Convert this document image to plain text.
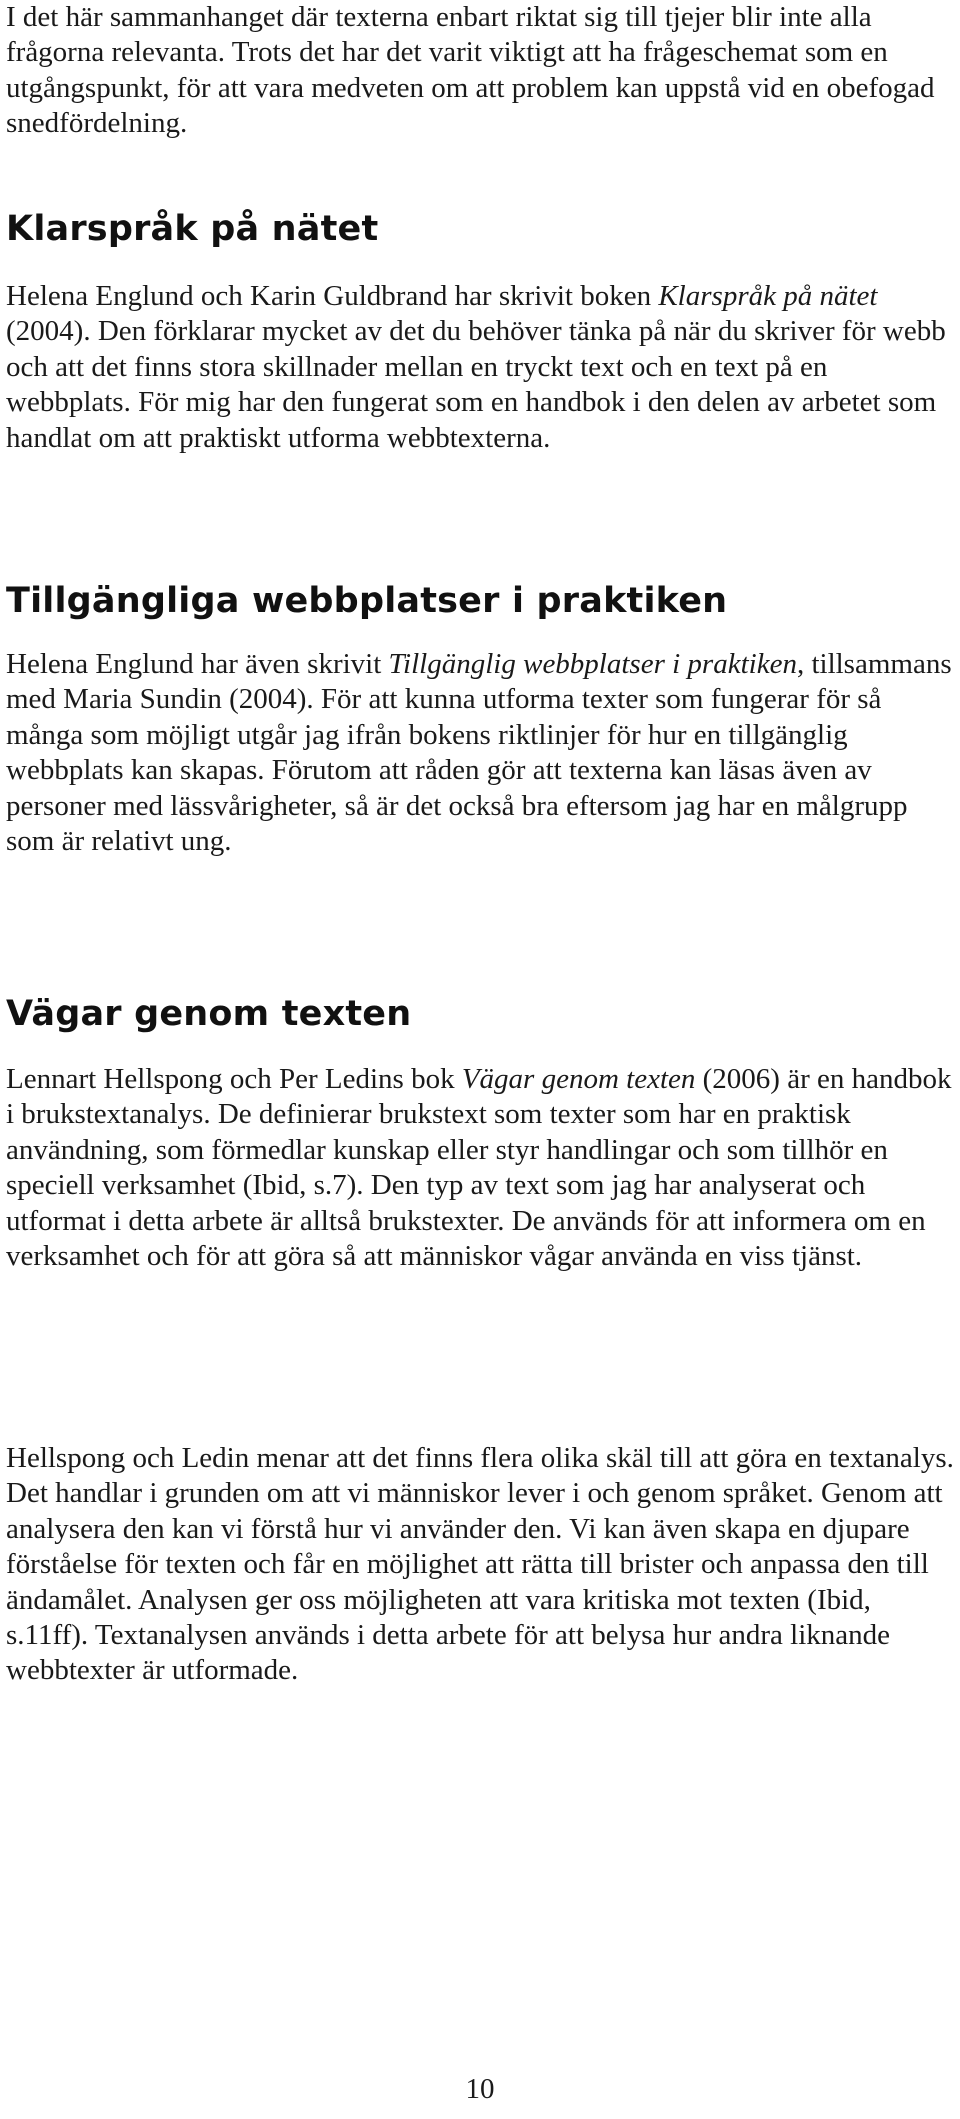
I det här sammanhanget där texterna enbart riktat sig till tjejer blir inte alla frågorna relevanta. Trots det har det varit viktigt att ha frågeschemat som en utgångspunkt, för att vara medveten om att problem kan uppstå vid en obefogad snedfördelning.

Klarspråk på nätet

Helena Englund och Karin Guldbrand har skrivit boken Klarspråk på nätet (2004). Den förklarar mycket av det du behöver tänka på när du skriver för webb och att det finns stora skillnader mellan en tryckt text och en text på en webbplats. För mig har den fungerat som en handbok i den delen av arbetet som handlat om att praktiskt utforma webbtexterna.

Tillgängliga webbplatser i praktiken

Helena Englund har även skrivit Tillgänglig webbplatser i praktiken, tillsammans med Maria Sundin (2004). För att kunna utforma texter som fungerar för så många som möjligt utgår jag ifrån bokens riktlinjer för hur en tillgänglig webbplats kan skapas. Förutom att råden gör att texterna kan läsas även av personer med lässvårigheter, så är det också bra eftersom jag har en målgrupp som är relativt ung.

Vägar genom texten

Lennart Hellspong och Per Ledins bok Vägar genom texten (2006) är en handbok i brukstextanalys. De definierar brukstext som texter som har en praktisk användning, som förmedlar kunskap eller styr handlingar och som tillhör en speciell verksamhet (Ibid, s.7). Den typ av text som jag har analyserat och utformat i detta arbete är alltså brukstexter. De används för att informera om en verksamhet och för att göra så att människor vågar använda en viss tjänst.

Hellspong och Ledin menar att det finns flera olika skäl till att göra en textanalys. Det handlar i grunden om att vi människor lever i och genom språket. Genom att analysera den kan vi förstå hur vi använder den. Vi kan även skapa en djupare förståelse för texten och får en möjlighet att rätta till brister och anpassa den till ändamålet. Analysen ger oss möjligheten att vara kritiska mot texten (Ibid, s.11ff). Textanalysen används i detta arbete för att belysa hur andra liknande webbtexter är utformade.

10
